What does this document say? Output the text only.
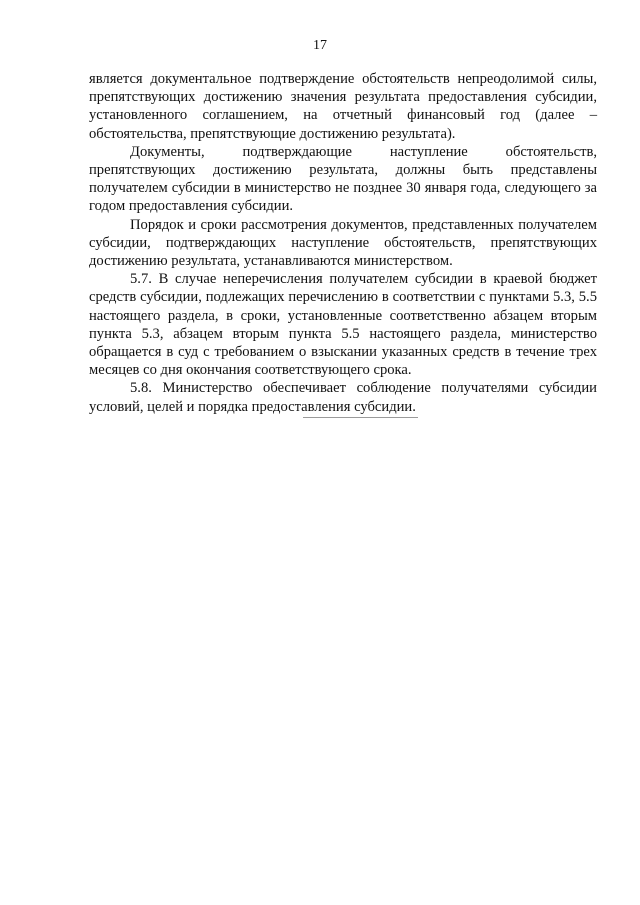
17

является документальное подтверждение обстоятельств непреодолимой силы, препятствующих достижению значения результата предоставления субсидии, установленного соглашением, на отчетный финансовый год (далее – обстоятельства, препятствующие достижению результата).

Документы, подтверждающие наступление обстоятельств, препятствующих достижению результата, должны быть представлены получателем субсидии в министерство не позднее 30 января года, следующего за годом предоставления субсидии.

Порядок и сроки рассмотрения документов, представленных получателем субсидии, подтверждающих наступление обстоятельств, препятствующих достижению результата, устанавливаются министерством.

5.7. В случае неперечисления получателем субсидии в краевой бюджет средств субсидии, подлежащих перечислению в соответствии с пунктами 5.3, 5.5 настоящего раздела, в сроки, установленные соответственно абзацем вторым пункта 5.3, абзацем вторым пункта 5.5 настоящего раздела, министерство обращается в суд с требованием о взыскании указанных средств в течение трех месяцев со дня окончания соответствующего срока.

5.8. Министерство обеспечивает соблюдение получателями субсидии условий, целей и порядка предоставления субсидии.
